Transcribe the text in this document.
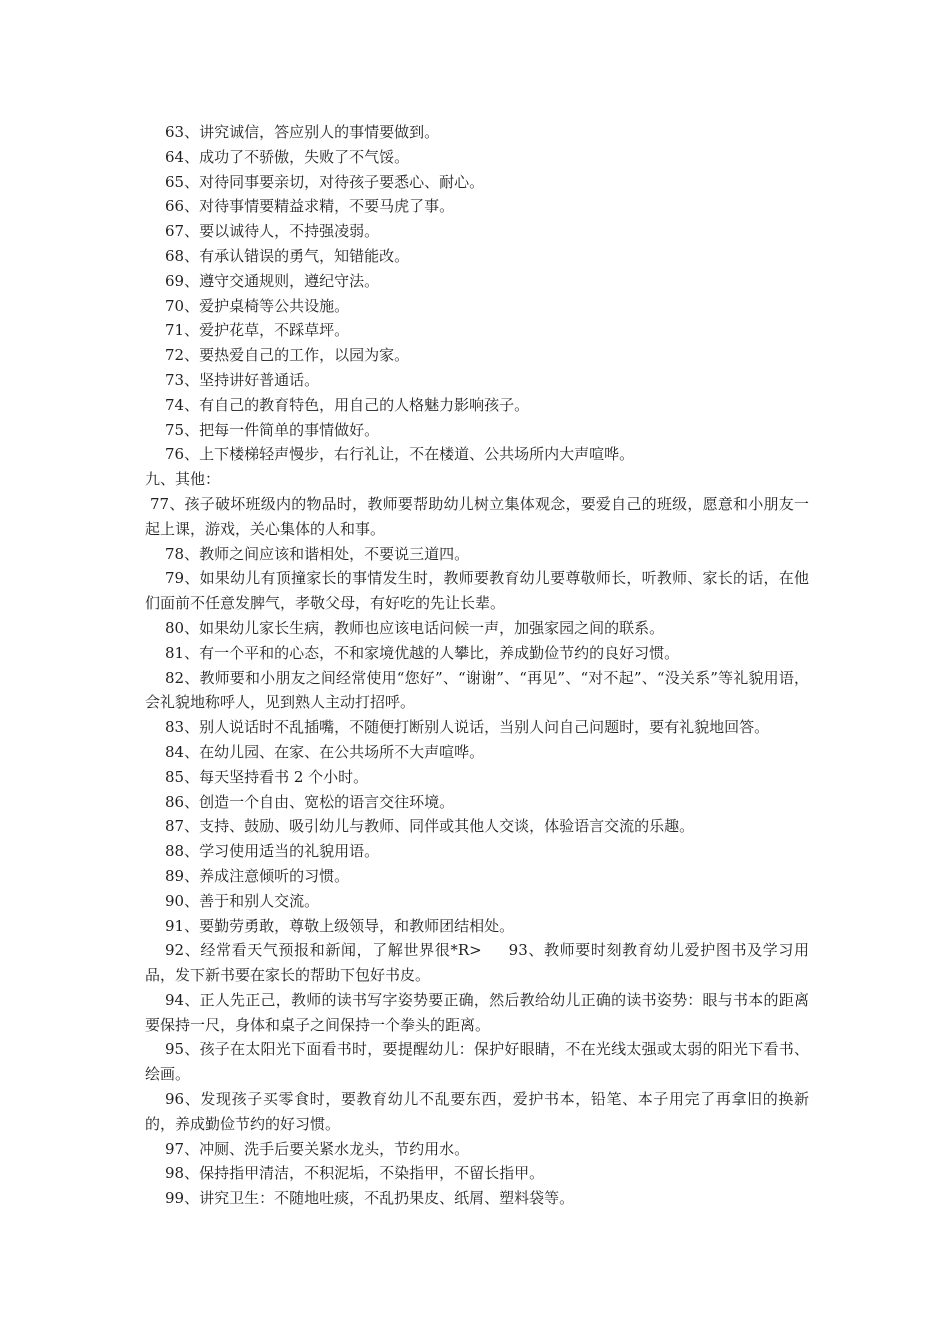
63、讲究诚信，答应别人的事情要做到。

64、成功了不骄傲，失败了不气馁。

65、对待同事要亲切，对待孩子要悉心、耐心。

66、对待事情要精益求精，不要马虎了事。

67、要以诚待人，不持强凌弱。

68、有承认错误的勇气，知错能改。

69、遵守交通规则，遵纪守法。

70、爱护桌椅等公共设施。

71、爱护花草，不踩草坪。

72、要热爱自己的工作，以园为家。

73、坚持讲好普通话。

74、有自己的教育特色，用自己的人格魅力影响孩子。

75、把每一件简单的事情做好。

76、上下楼梯轻声慢步，右行礼让，不在楼道、公共场所内大声喧哗。

九、其他：

77、孩子破坏班级内的物品时，教师要帮助幼儿树立集体观念，要爱自己的班级，愿意和小朋友一起上课，游戏，关心集体的人和事。

78、教师之间应该和谐相处，不要说三道四。

79、如果幼儿有顶撞家长的事情发生时，教师要教育幼儿要尊敬师长，听教师、家长的话，在他们面前不任意发脾气，孝敬父母，有好吃的先让长辈。

80、如果幼儿家长生病，教师也应该电话问候一声，加强家园之间的联系。

81、有一个平和的心态，不和家境优越的人攀比，养成勤俭节约的良好习惯。

82、教师要和小朋友之间经常使用“您好”、“谢谢”、“再见”、“对不起”、“没关系”等礼貌用语，会礼貌地称呼人，见到熟人主动打招呼。

83、别人说话时不乱插嘴，不随便打断别人说话，当别人问自己问题时，要有礼貌地回答。

84、在幼儿园、在家、在公共场所不大声喧哗。

85、每天坚持看书 2 个小时。

86、创造一个自由、宽松的语言交往环境。

87、支持、鼓励、吸引幼儿与教师、同伴或其他人交谈，体验语言交流的乐趣。

88、学习使用适当的礼貌用语。

89、养成注意倾听的习惯。

90、善于和别人交流。

91、要勤劳勇敢，尊敬上级领导，和教师团结相处。

92、经常看天气预报和新闻，了解世界很*R>     93、教师要时刻教育幼儿爱护图书及学习用品，发下新书要在家长的帮助下包好书皮。

94、正人先正己，教师的读书写字姿势要正确，然后教给幼儿正确的读书姿势：眼与书本的距离要保持一尺，身体和桌子之间保持一个拳头的距离。

95、孩子在太阳光下面看书时，要提醒幼儿：保护好眼睛，不在光线太强或太弱的阳光下看书、绘画。

96、发现孩子买零食时，要教育幼儿不乱要东西，爱护书本，铅笔、本子用完了再拿旧的换新的，养成勤俭节约的好习惯。

97、冲厕、洗手后要关紧水龙头，节约用水。

98、保持指甲清洁，不积泥垢，不染指甲，不留长指甲。

99、讲究卫生：不随地吐痰，不乱扔果皮、纸屑、塑料袋等。
